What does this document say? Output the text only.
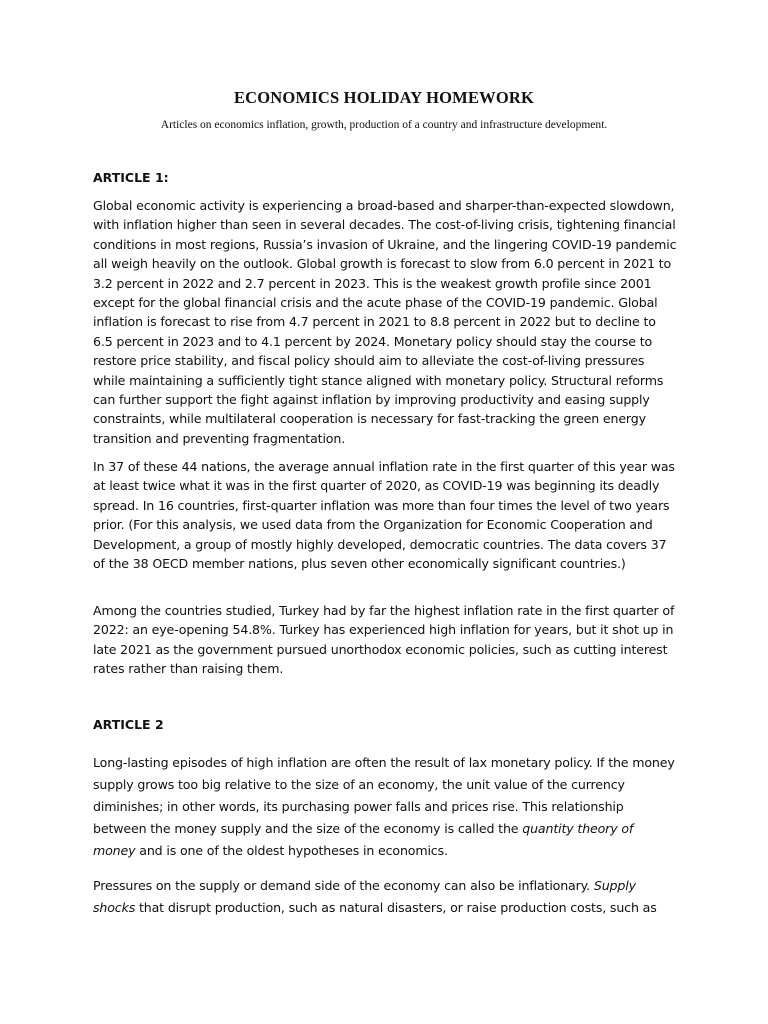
ECONOMICS HOLIDAY HOMEWORK
Articles on economics inflation, growth, production of a country and infrastructure development.
ARTICLE 1:

Global economic activity is experiencing a broad-based and sharper-than-expected slowdown, with inflation higher than seen in several decades. The cost-of-living crisis, tightening financial conditions in most regions, Russia’s invasion of Ukraine, and the lingering COVID-19 pandemic all weigh heavily on the outlook. Global growth is forecast to slow from 6.0 percent in 2021 to 3.2 percent in 2022 and 2.7 percent in 2023. This is the weakest growth profile since 2001 except for the global financial crisis and the acute phase of the COVID-19 pandemic. Global inflation is forecast to rise from 4.7 percent in 2021 to 8.8 percent in 2022 but to decline to 6.5 percent in 2023 and to 4.1 percent by 2024. Monetary policy should stay the course to restore price stability, and fiscal policy should aim to alleviate the cost-of-living pressures while maintaining a sufficiently tight stance aligned with monetary policy. Structural reforms can further support the fight against inflation by improving productivity and easing supply constraints, while multilateral cooperation is necessary for fast-tracking the green energy transition and preventing fragmentation.

In 37 of these 44 nations, the average annual inflation rate in the first quarter of this year was at least twice what it was in the first quarter of 2020, as COVID-19 was beginning its deadly spread. In 16 countries, first-quarter inflation was more than four times the level of two years prior. (For this analysis, we used data from the Organization for Economic Cooperation and Development, a group of mostly highly developed, democratic countries. The data covers 37 of the 38 OECD member nations, plus seven other economically significant countries.)

Among the countries studied, Turkey had by far the highest inflation rate in the first quarter of 2022: an eye-opening 54.8%. Turkey has experienced high inflation for years, but it shot up in late 2021 as the government pursued unorthodox economic policies, such as cutting interest rates rather than raising them.

ARTICLE 2

Long-lasting episodes of high inflation are often the result of lax monetary policy. If the money supply grows too big relative to the size of an economy, the unit value of the currency diminishes; in other words, its purchasing power falls and prices rise. This relationship between the money supply and the size of the economy is called the quantity theory of money and is one of the oldest hypotheses in economics.

Pressures on the supply or demand side of the economy can also be inflationary. Supply shocks that disrupt production, such as natural disasters, or raise production costs, such as
